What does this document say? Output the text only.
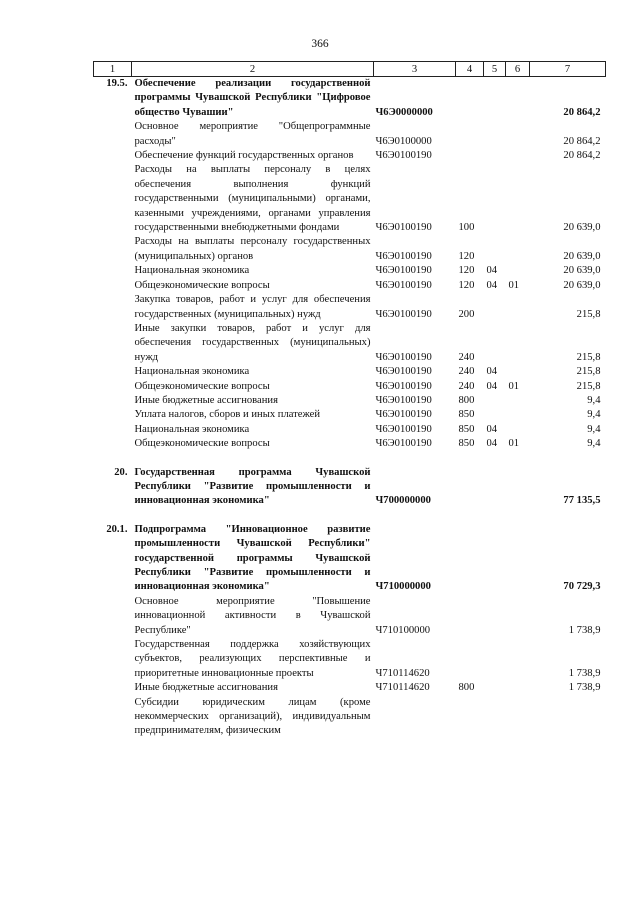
366
1	2	3	4	5	6	7
19.5.	Обеспечение реализации государственной программы Чувашской Республики "Цифровое общество Чувашии"	Ч6Э0000000				20 864,2
	Основное мероприятие "Общепрограммные расходы"	Ч6Э0100000				20 864,2
	Обеспечение функций государственных органов	Ч6Э0100190				20 864,2
	Расходы на выплаты персоналу в целях обеспечения выполнения функций государственными (муниципальными) органами, казенными учреждениями, органами управления государственными внебюджетными фондами	Ч6Э0100190	100			20 639,0
	Расходы на выплаты персоналу государственных (муниципальных) органов	Ч6Э0100190	120			20 639,0
	Национальная экономика	Ч6Э0100190	120	04		20 639,0
	Общеэкономические вопросы	Ч6Э0100190	120	04	01	20 639,0
	Закупка товаров, работ и услуг для обеспечения государственных (муниципальных) нужд	Ч6Э0100190	200			215,8
	Иные закупки товаров, работ и услуг для обеспечения государственных (муниципальных) нужд	Ч6Э0100190	240			215,8
	Национальная экономика	Ч6Э0100190	240	04		215,8
	Общеэкономические вопросы	Ч6Э0100190	240	04	01	215,8
	Иные бюджетные ассигнования	Ч6Э0100190	800			9,4
	Уплата налогов, сборов и иных платежей	Ч6Э0100190	850			9,4
	Национальная экономика	Ч6Э0100190	850	04		9,4
	Общеэкономические вопросы	Ч6Э0100190	850	04	01	9,4

20.	Государственная программа Чувашской Республики "Развитие промышленности и инновационная экономика"	Ч700000000				77 135,5

20.1.	Подпрограмма "Инновационное развитие промышленности Чувашской Республики" государственной программы Чувашской Республики "Развитие промышленности и инновационная экономика"	Ч710000000				70 729,3
	Основное мероприятие "Повышение инновационной активности в Чувашской Республике"	Ч710100000				1 738,9
	Государственная поддержка хозяйствующих субъектов, реализующих перспективные и приоритетные инновационные проекты	Ч710114620				1 738,9
	Иные бюджетные ассигнования	Ч710114620	800			1 738,9
	Субсидии юридическим лицам (кроме некоммерческих организаций), индивидуальным предпринимателям, физическим					
